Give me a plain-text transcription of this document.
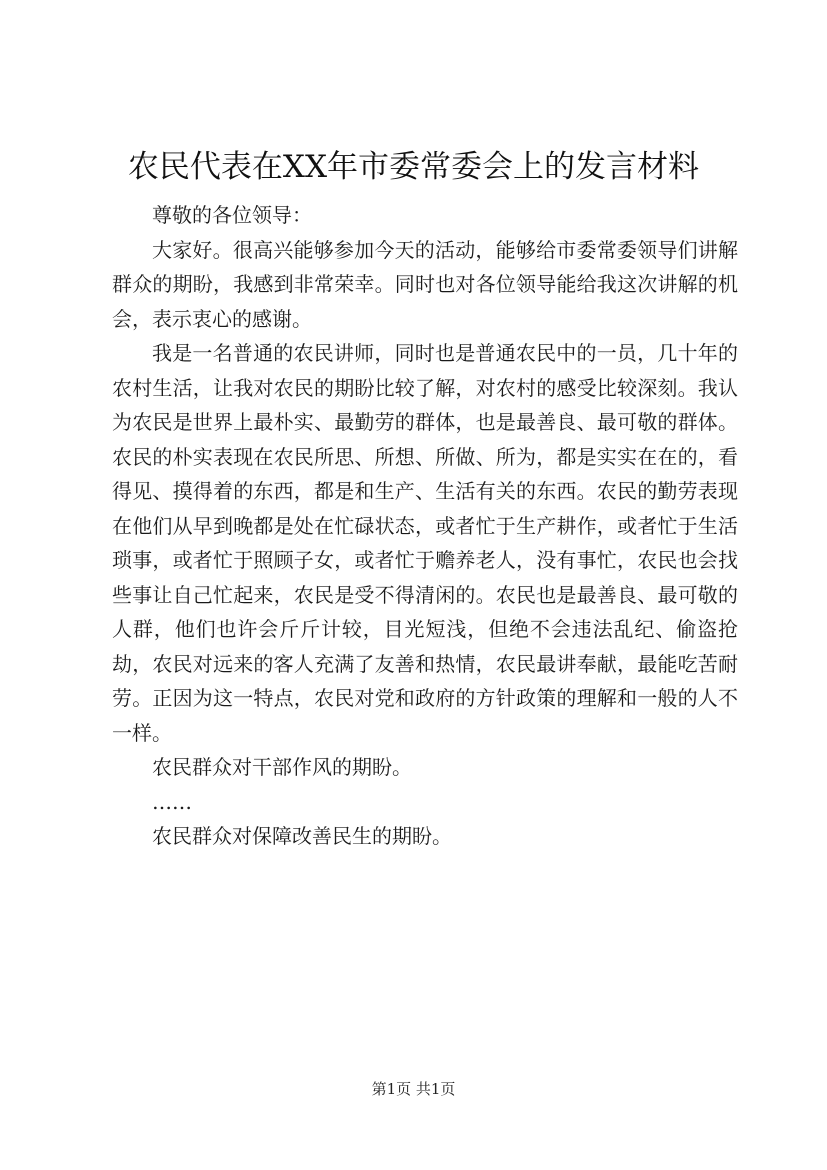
农民代表在XX年市委常委会上的发言材料

尊敬的各位领导：

大家好。很高兴能够参加今天的活动，能够给市委常委领导们讲解群众的期盼，我感到非常荣幸。同时也对各位领导能给我这次讲解的机会，表示衷心的感谢。

我是一名普通的农民讲师，同时也是普通农民中的一员，几十年的农村生活，让我对农民的期盼比较了解，对农村的感受比较深刻。我认为农民是世界上最朴实、最勤劳的群体，也是最善良、最可敬的群体。农民的朴实表现在农民所思、所想、所做、所为，都是实实在在的，看得见、摸得着的东西，都是和生产、生活有关的东西。农民的勤劳表现在他们从早到晚都是处在忙碌状态，或者忙于生产耕作，或者忙于生活琐事，或者忙于照顾子女，或者忙于赡养老人，没有事忙，农民也会找些事让自己忙起来，农民是受不得清闲的。农民也是最善良、最可敬的人群，他们也许会斤斤计较，目光短浅，但绝不会违法乱纪、偷盗抢劫，农民对远来的客人充满了友善和热情，农民最讲奉献，最能吃苦耐劳。正因为这一特点，农民对党和政府的方针政策的理解和一般的人不一样。

农民群众对干部作风的期盼。

……

农民群众对保障改善民生的期盼。

第1页 共1页
